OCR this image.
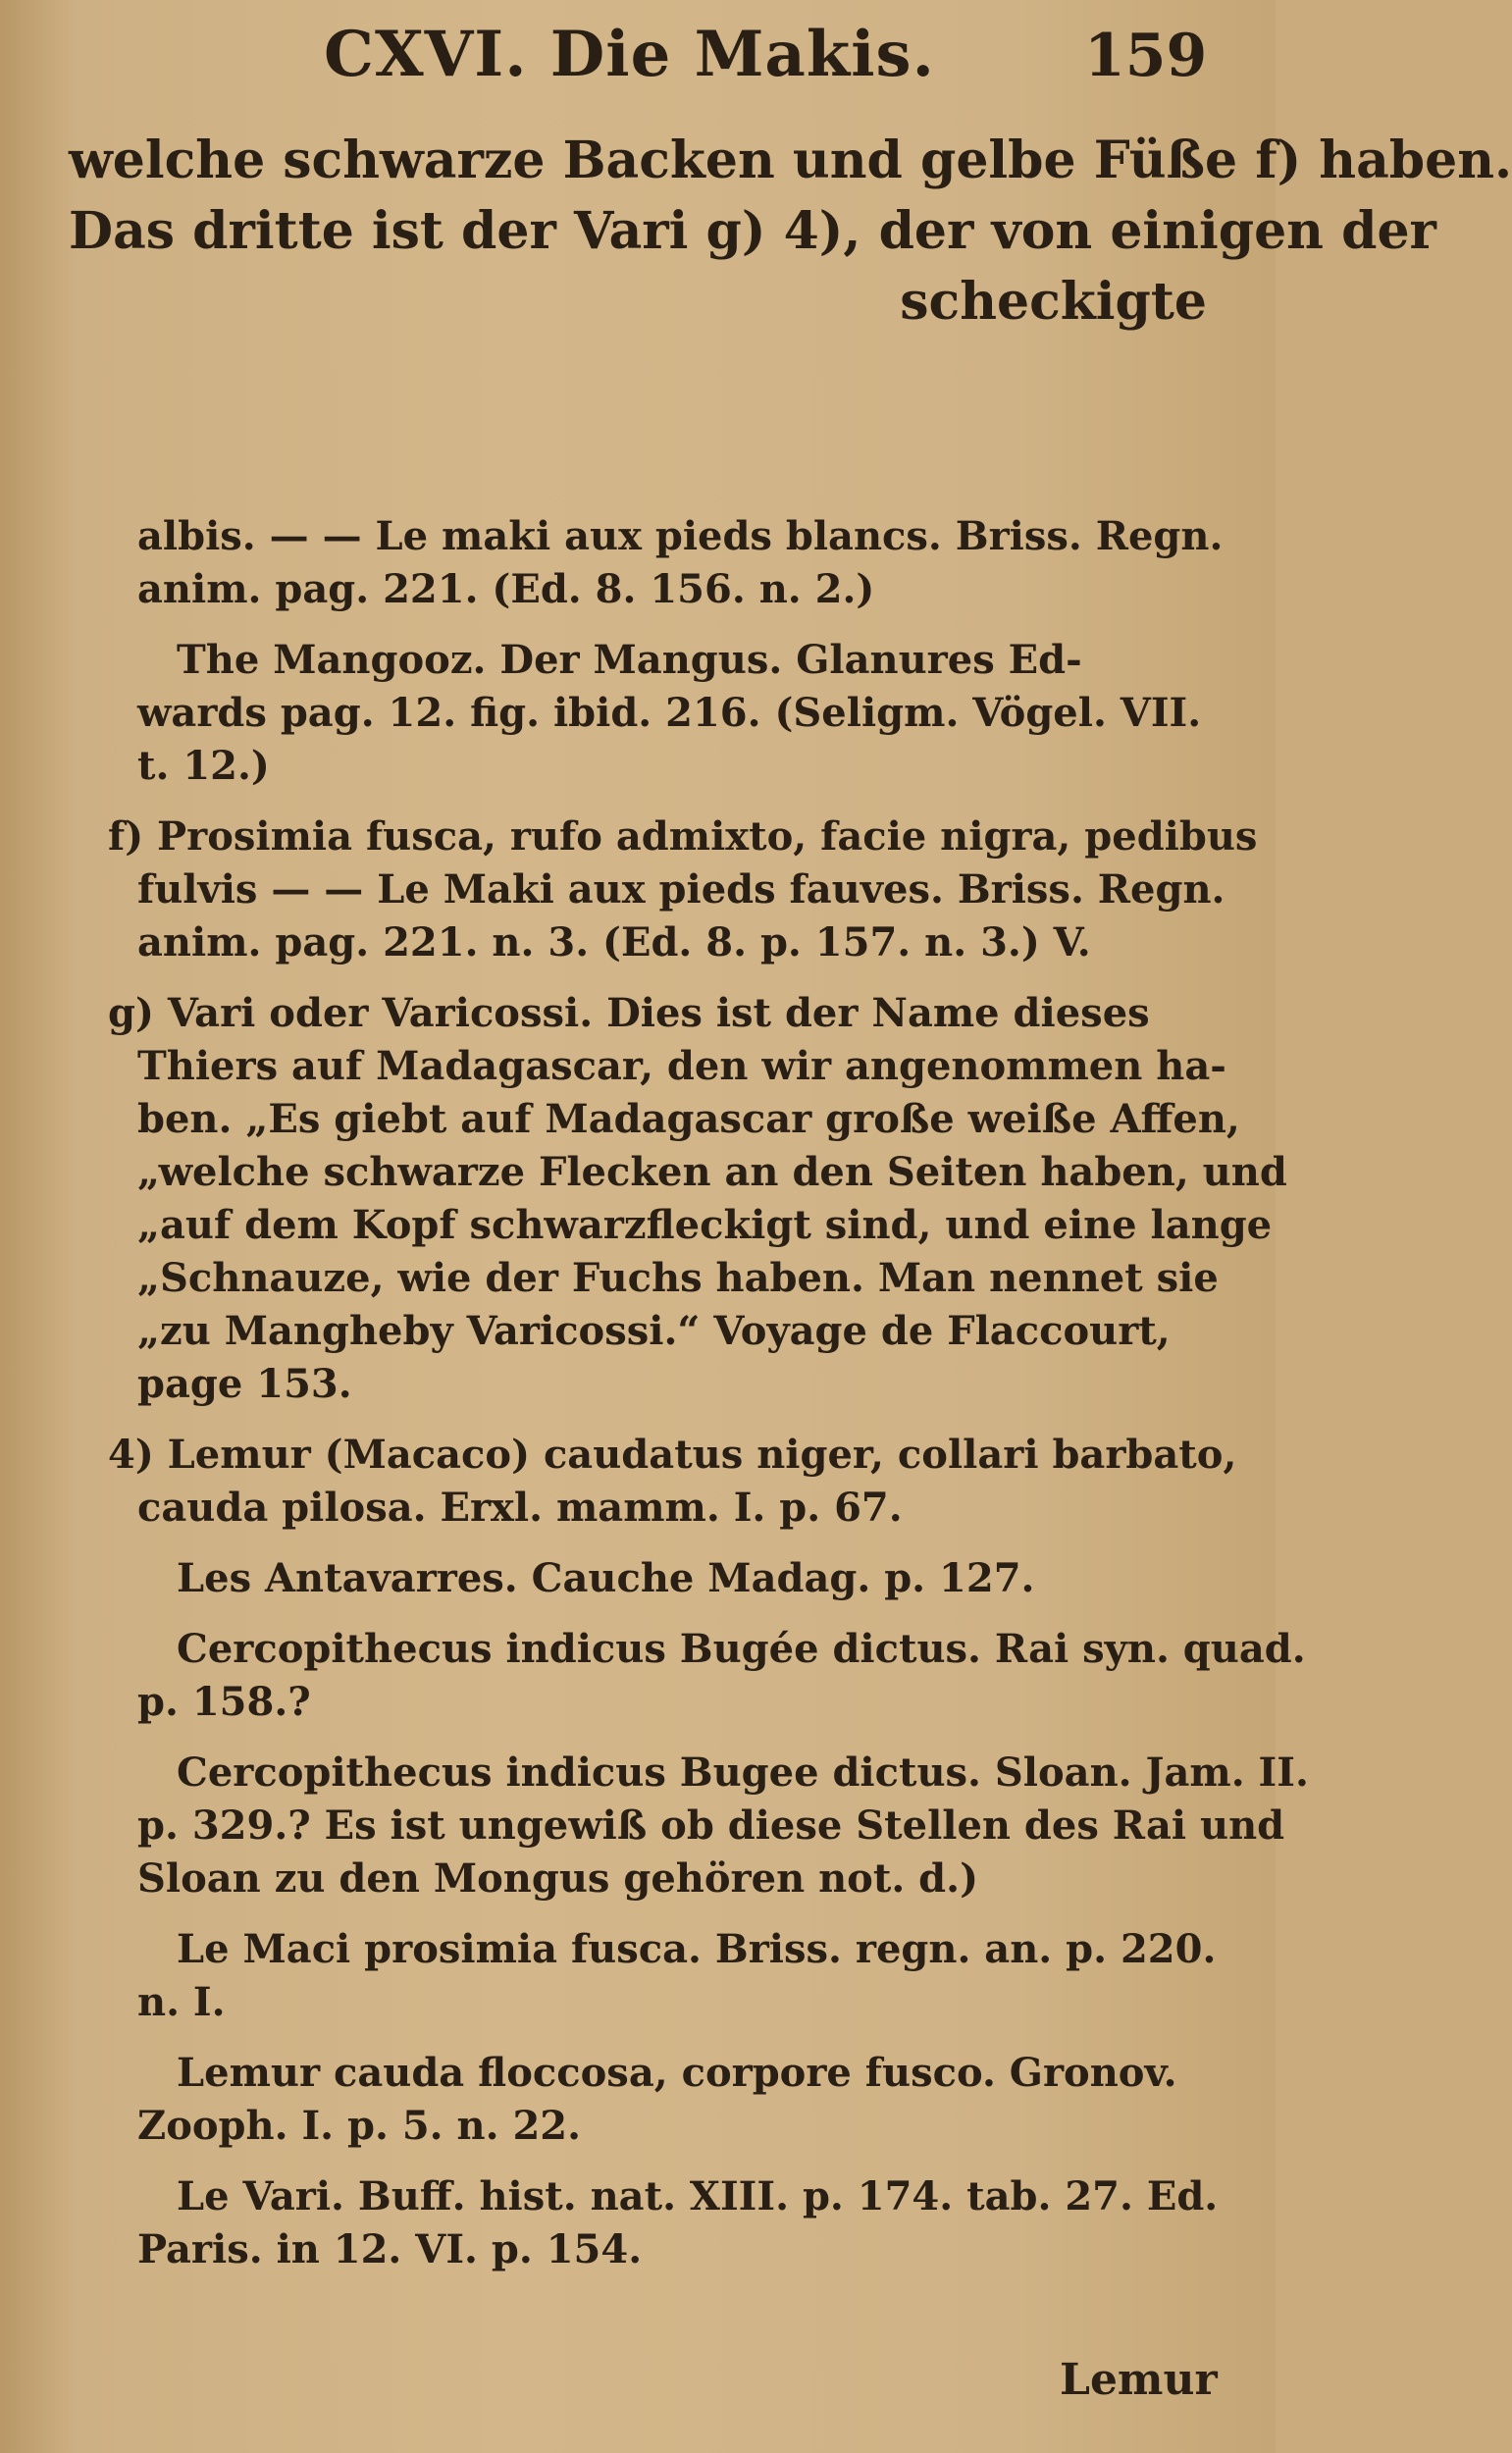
CXVI. Die Makis.	159
welche schwarze Backen und gelbe Füße f) haben.
Das dritte ist der Vari g) 4), der von einigen der
scheckigte
albis. — — Le maki aux pieds blancs. Briss. Regn.
anim. pag. 221. (Ed. 8. 156. n. 2.)
The Mangooz. Der Mangus. Glanures Ed-
wards pag. 12. fig. ibid. 216. (Seligm. Vögel. VII.
t. 12.)
f) Prosimia fusca, rufo admixto, facie nigra, pedibus
fulvis — — Le Maki aux pieds fauves. Briss. Regn.
anim. pag. 221. n. 3. (Ed. 8. p. 157. n. 3.) V.
g) Vari oder Varicossi. Dies ist der Name dieses
Thiers auf Madagascar, den wir angenommen ha-
ben. „Es giebt auf Madagascar große weiße Affen,
„welche schwarze Flecken an den Seiten haben, und
„auf dem Kopf schwarzfleckigt sind, und eine lange
„Schnauze, wie der Fuchs haben. Man nennet sie
„zu Mangheby Varicossi.“ Voyage de Flaccourt,
page 153.
4) Lemur (Macaco) caudatus niger, collari barbato,
cauda pilosa. Erxl. mamm. I. p. 67.
Les Antavarres. Cauche Madag. p. 127.
Cercopithecus indicus Bugée dictus. Rai syn. quad.
p. 158.?
Cercopithecus indicus Bugee dictus. Sloan. Jam. II.
p. 329.? Es ist ungewiß ob diese Stellen des Rai und
Sloan zu den Mongus gehören not. d.)
Le Maci prosimia fusca. Briss. regn. an. p. 220.
n. I.
Lemur cauda floccosa, corpore fusco. Gronov.
Zooph. I. p. 5. n. 22.
Le Vari. Buff. hist. nat. XIII. p. 174. tab. 27. Ed.
Paris. in 12. VI. p. 154.
Lemur
